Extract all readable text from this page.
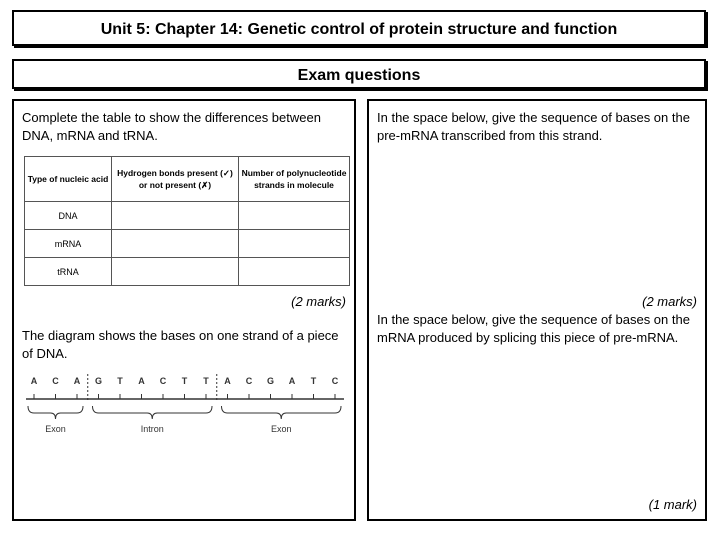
Unit 5: Chapter 14: Genetic control of protein structure and function
Exam questions
Complete the table to show the differences between DNA, mRNA and tRNA.
Type of nucleic acid	Hydrogen bonds present (✓) or not present (✗)	Number of polynucleotide strands in molecule
DNA		
mRNA		
tRNA		
(2 marks)
The diagram shows the bases on one strand of a piece of DNA.
A C A G T A C T T A C G A T C
Exon	Intron	Exon
In the space below, give the sequence of bases on the pre-mRNA transcribed from this strand.
(2 marks)
In the space below, give the sequence of bases on the mRNA produced by splicing this piece of pre-mRNA.
(1 mark)
